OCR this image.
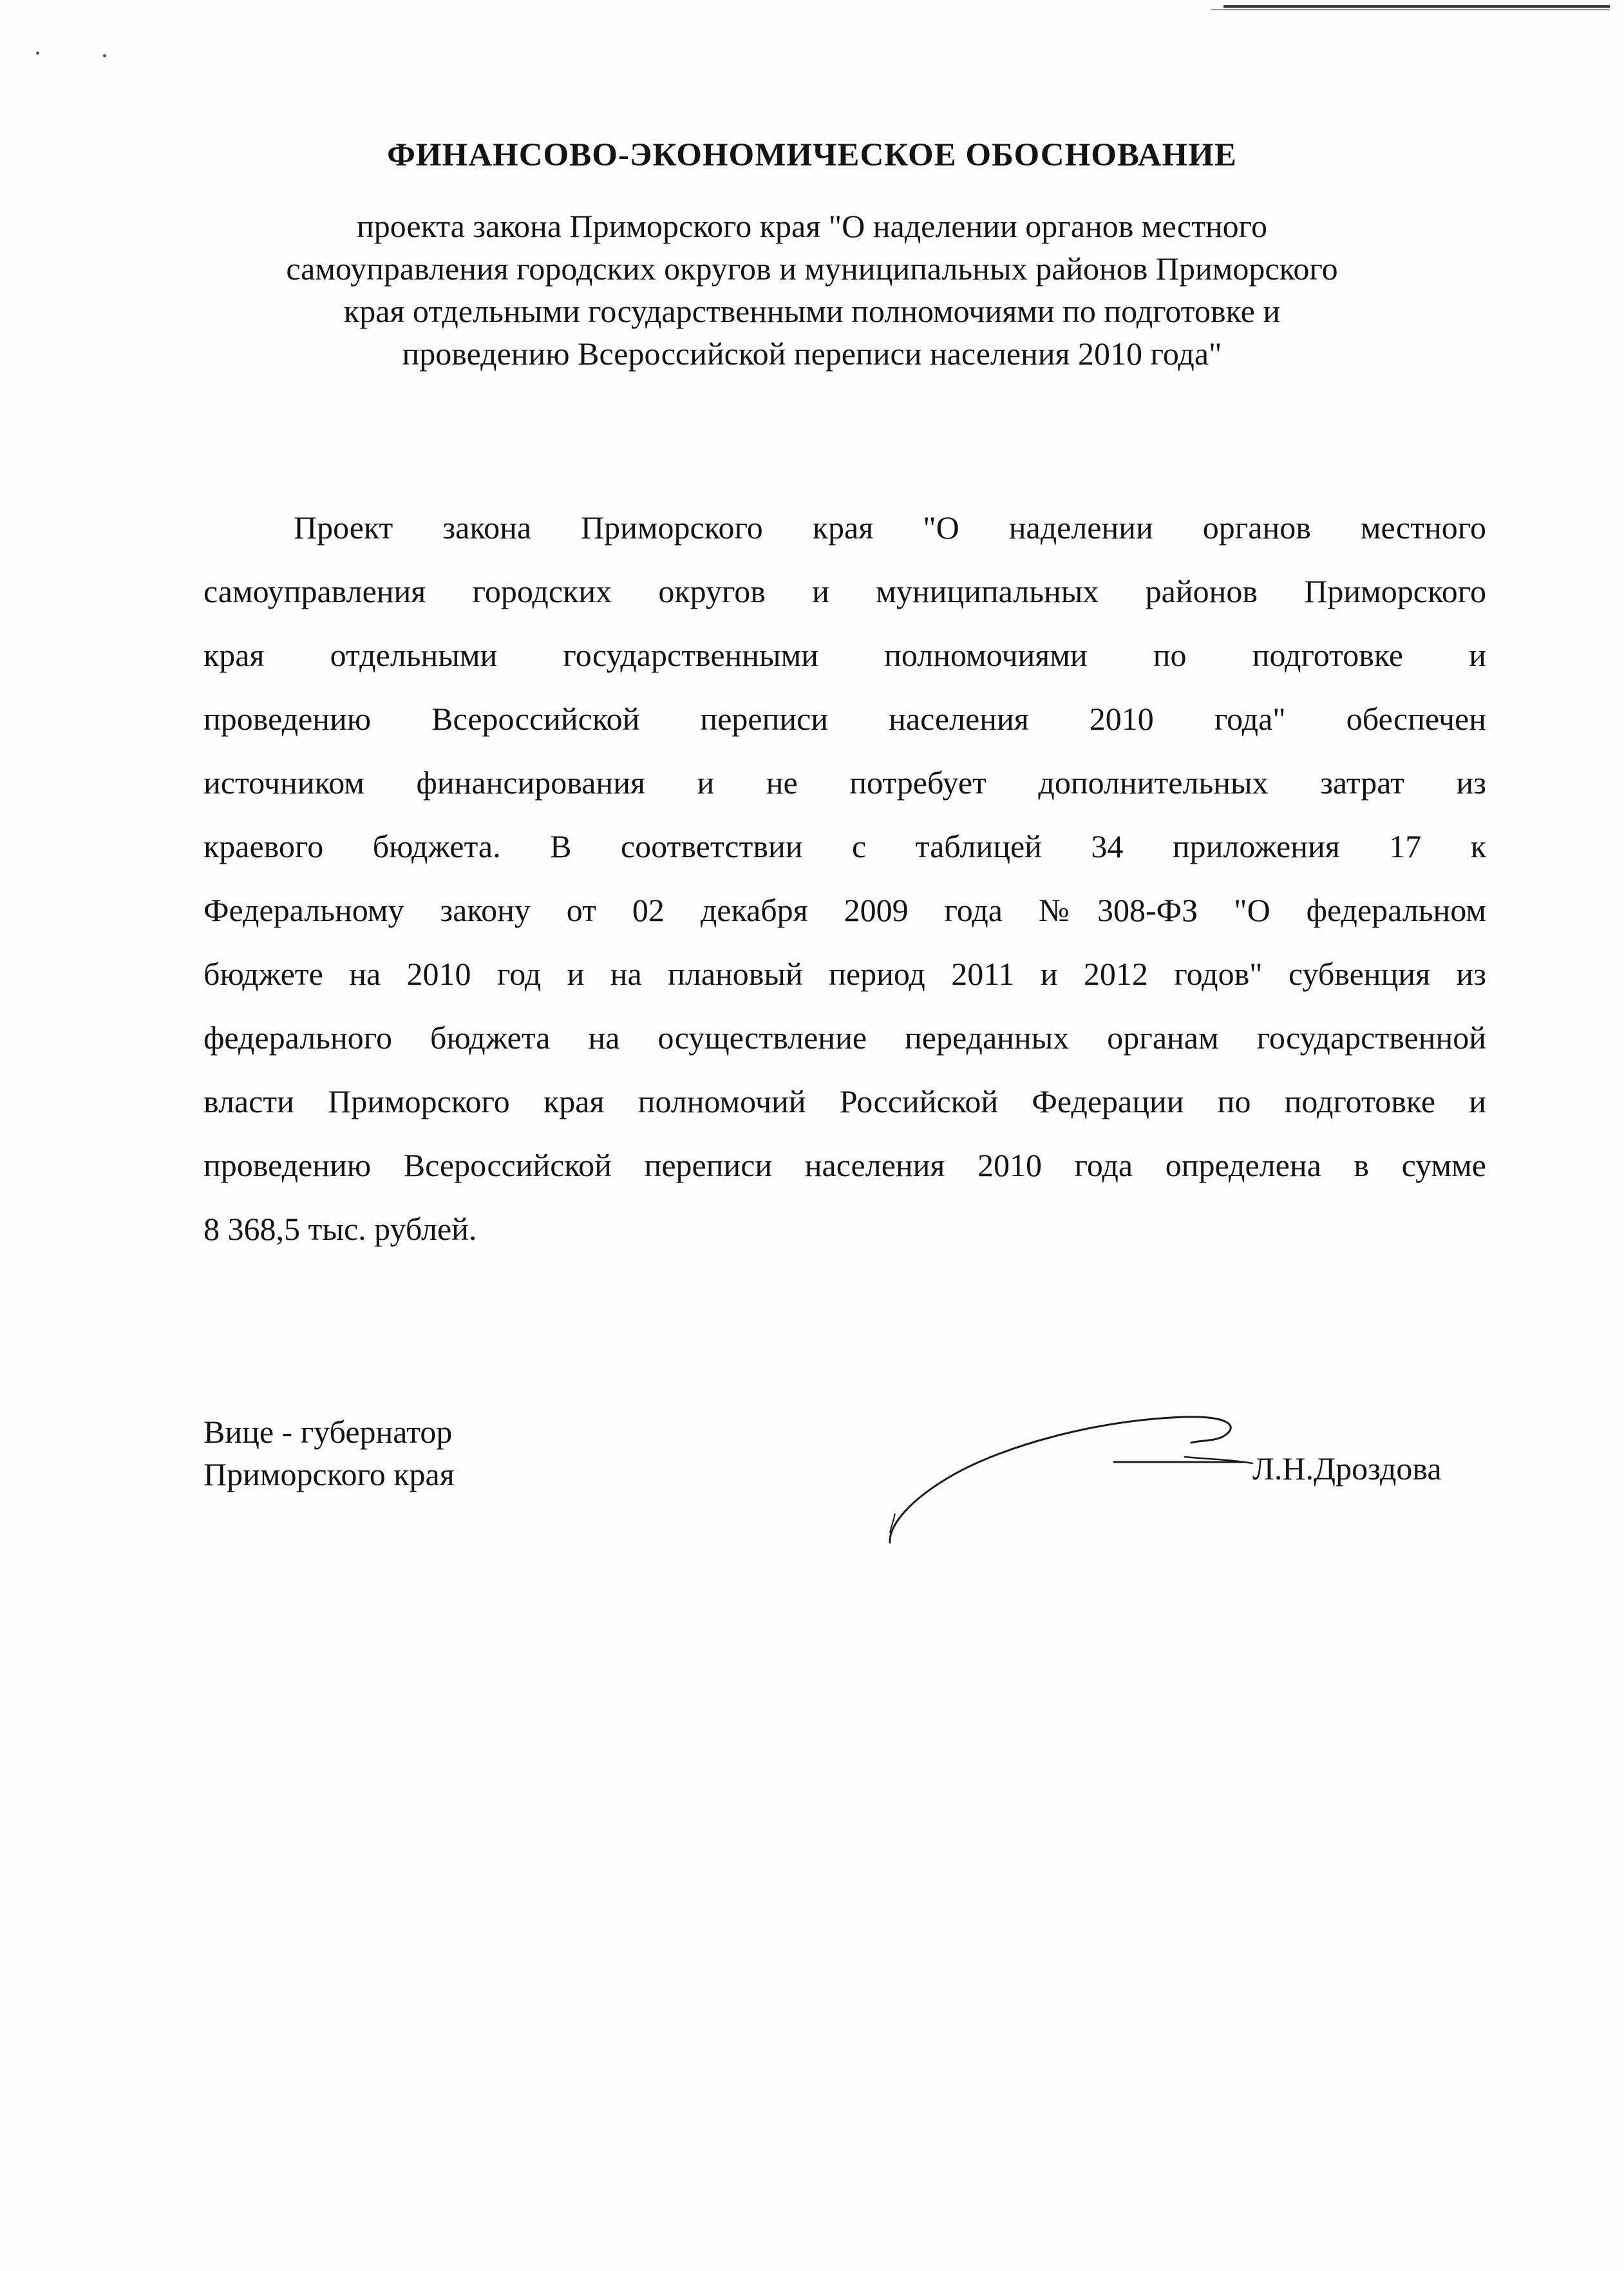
ФИНАНСОВО-ЭКОНОМИЧЕСКОЕ ОБОСНОВАНИЕ
проекта закона Приморского края "О наделении органов местного
самоуправления городских округов и муниципальных районов Приморского
края отдельными государственными полномочиями по подготовке и
проведению Всероссийской переписи населения 2010 года"
Проект закона Приморского края "О наделении органов местного
самоуправления городских округов и муниципальных районов Приморского
края отдельными государственными полномочиями по подготовке и
проведению Всероссийской переписи населения 2010 года" обеспечен
источником финансирования и не потребует дополнительных затрат из
краевого бюджета. В соответствии с таблицей 34 приложения 17 к
Федеральному закону от 02 декабря 2009 года №308-ФЗ "О федеральном
бюджете на 2010 год и на плановый период 2011 и 2012 годов" субвенция из
федерального бюджета на осуществление переданных органам государственной
власти Приморского края полномочий Российской Федерации по подготовке и
проведению Всероссийской переписи населения 2010 года определена в сумме
8 368,5 тыс. рублей.
Вице - губернатор
Приморского края	Л.Н.Дроздова
